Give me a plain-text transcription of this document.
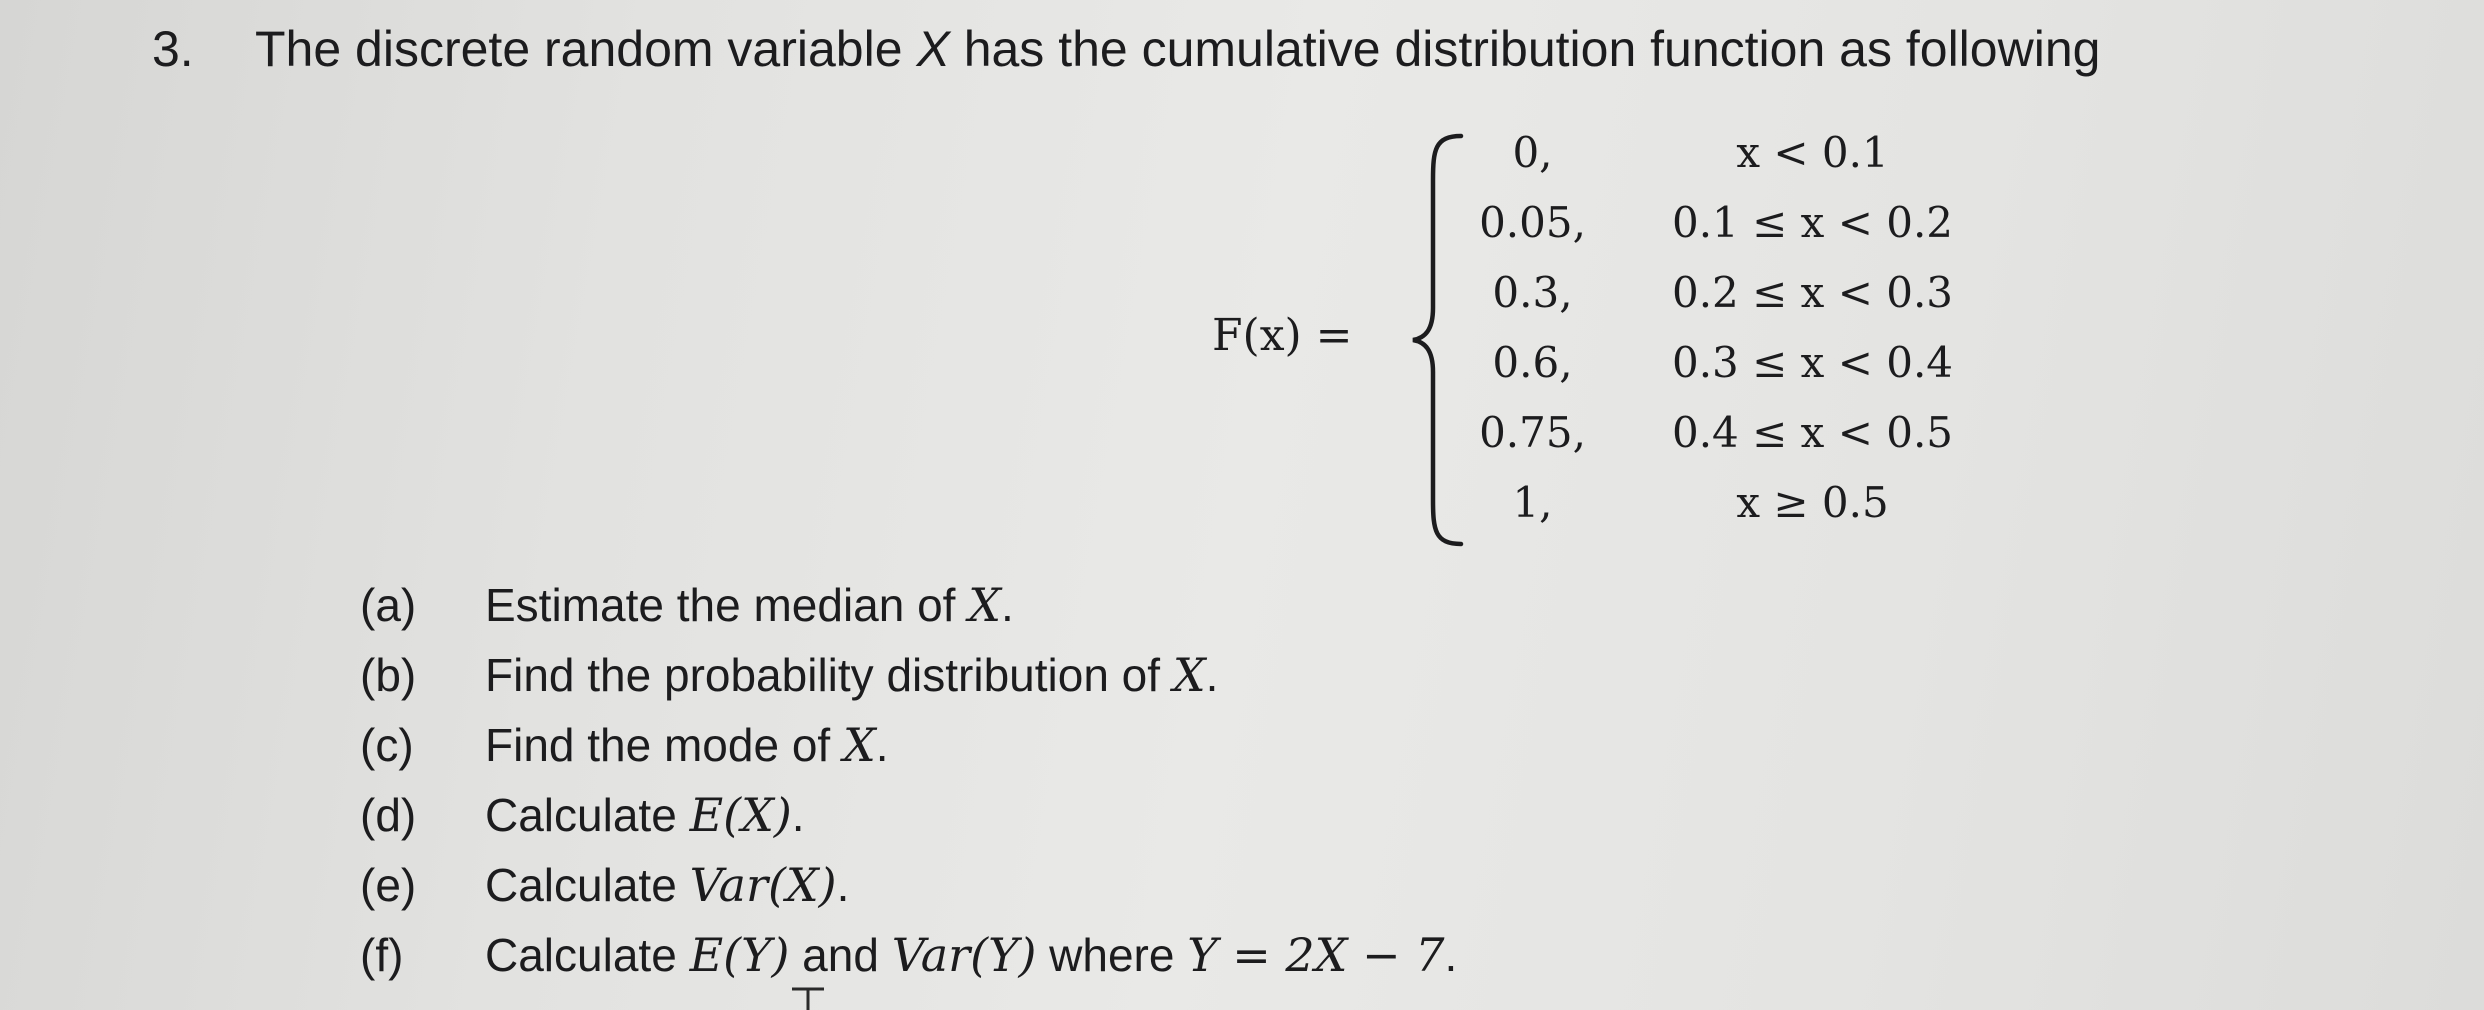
3. The discrete random variable X has the cumulative distribution function as following
F(x) =
0,	x < 0.1
0.05,	0.1 ≤ x < 0.2
0.3,	0.2 ≤ x < 0.3
0.6,	0.3 ≤ x < 0.4
0.75,	0.4 ≤ x < 0.5
1,	x ≥ 0.5
(a) Estimate the median of X.
(b) Find the probability distribution of X.
(c) Find the mode of X.
(d) Calculate E(X).
(e) Calculate Var(X).
(f) Calculate E(Y) and Var(Y) where Y = 2X − 7.
